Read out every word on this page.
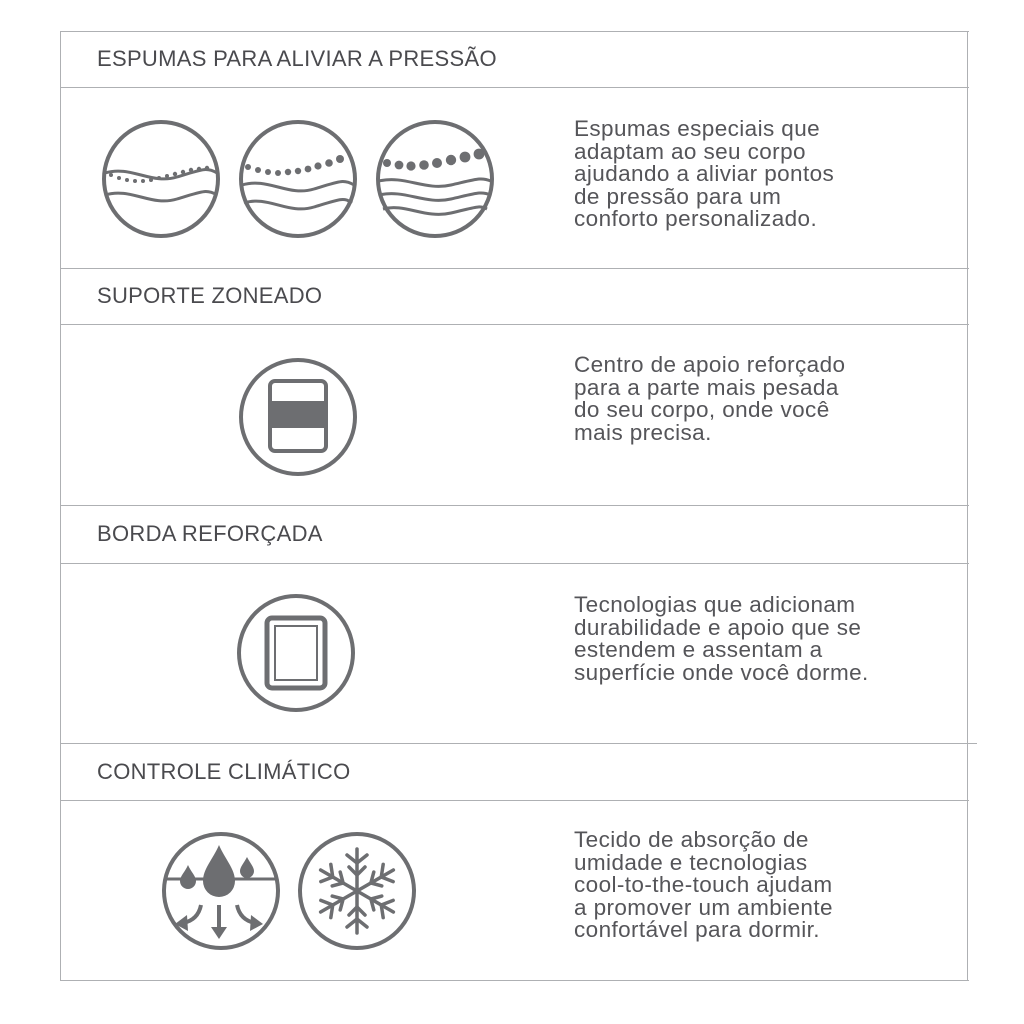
ESPUMAS PARA ALIVIAR A PRESSÃO
Espumas especiais que
adaptam ao seu corpo
ajudando a aliviar pontos
de pressão para um
conforto personalizado.
SUPORTE ZONEADO
Centro de apoio reforçado
para a parte mais pesada
do seu corpo, onde você
mais precisa.
BORDA REFORÇADA
Tecnologias que adicionam
durabilidade e apoio que se
estendem e assentam a
superfície onde você dorme.
CONTROLE CLIMÁTICO
Tecido de absorção de
umidade e tecnologias
cool-to-the-touch ajudam
a promover um ambiente
confortável para dormir.
